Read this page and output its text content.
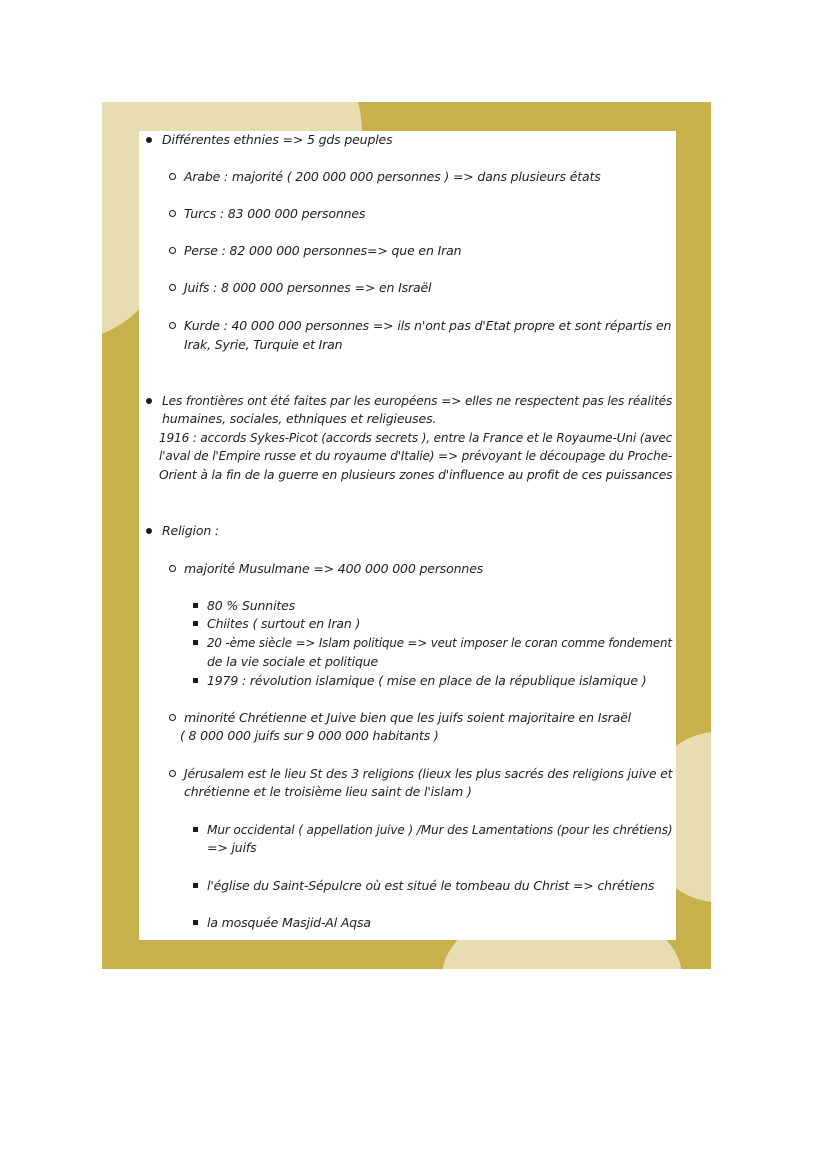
Différentes ethnies => 5 gds peuples
Arabe : majorité ( 200 000 000 personnes ) => dans plusieurs états
Turcs : 83 000 000 personnes
Perse : 82 000 000 personnes=> que en Iran
Juifs : 8 000 000 personnes => en Israël
Kurde : 40 000 000 personnes => ils n'ont pas d'Etat propre et sont répartis en
Irak, Syrie, Turquie et Iran
Les frontières ont été faites par les européens => elles ne respectent pas les réalités
humaines, sociales, ethniques et religieuses.
1916 : accords Sykes-Picot (accords secrets ), entre la France et le Royaume-Uni (avec
l'aval de l'Empire russe et du royaume d'Italie) => prévoyant le découpage du Proche-
Orient à la fin de la guerre en plusieurs zones d'influence au profit de ces puissances
Religion :
majorité Musulmane => 400 000 000 personnes
80 % Sunnites
Chiites ( surtout en Iran )
20 -ème siècle => Islam politique => veut imposer le coran comme fondement
de la vie sociale et politique
1979 : révolution islamique ( mise en place de la république islamique )
minorité Chrétienne et Juive bien que les juifs soient majoritaire en Israël
( 8 000 000 juifs sur 9 000 000 habitants )
Jérusalem est le lieu St des 3 religions (lieux les plus sacrés des religions juive et
chrétienne et le troisième lieu saint de l'islam )
Mur occidental ( appellation juive ) /Mur des Lamentations (pour les chrétiens)
=> juifs
l'église du Saint-Sépulcre où est situé le tombeau du Christ => chrétiens
la mosquée Masjid-Al Aqsa
